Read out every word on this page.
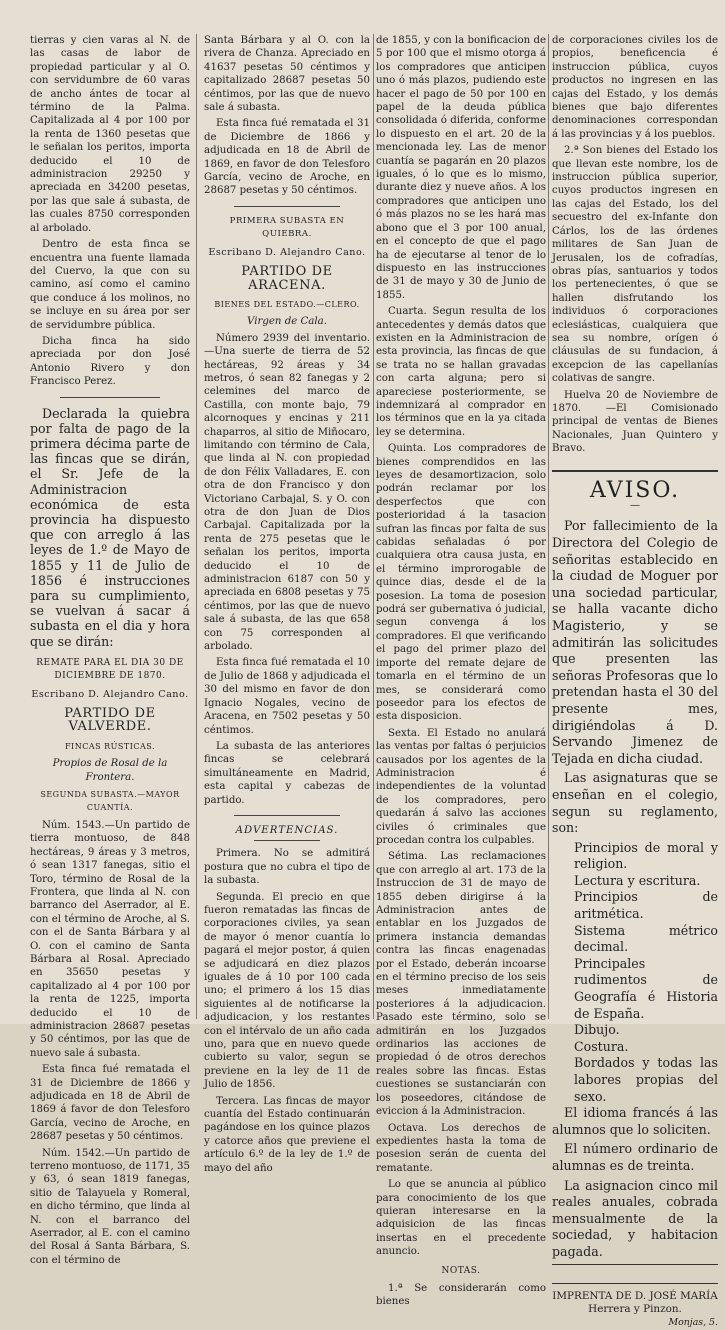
tierras y cien varas al N. de las casas de labor de propiedad particular y al O. con servidumbre de 60 varas de ancho ántes de tocar al término de la Palma. Capitalizada al 4 por 100 por la renta de 1360 pesetas que le señalan los peritos, importa deducido el 10 de administracion 29250 y apreciada en 34200 pesetas, por las que sale á subasta, de las cuales 8750 corresponden al arbolado.

Dentro de esta finca se encuentra una fuente llamada del Cuervo, la que con su camino, así como el camino que conduce á los molinos, no se incluye en su área por ser de servidumbre pública.

Dicha finca ha sido apreciada por don José Antonio Rivero y don Francisco Perez.

Declarada la quiebra por falta de pago de la primera décima parte de las fincas que se dirán, el Sr. Jefe de la Administracion económica de esta provincia ha dispuesto que con arreglo á las leyes de 1.º de Mayo de 1855 y 11 de Julio de 1856 é instrucciones para su cumplimiento, se vuelvan á sacar á subasta en el dia y hora que se dirán:

REMATE PARA EL DIA 30 DE DICIEMBRE DE 1870.

Escribano D. Alejandro Cano.

PARTIDO DE VALVERDE.

FINCAS RÚSTICAS.

Propios de Rosal de la Frontera.

SEGUNDA SUBASTA.—MAYOR CUANTÍA.

Núm. 1543.—Un partido de tierra montuoso, de 848 hectáreas, 9 áreas y 3 metros, ó sean 1317 fanegas, sitio el Toro, término de Rosal de la Frontera, que linda al N. con barranco del Aserrador, al E. con el término de Aroche, al S. con el de Santa Bárbara y al O. con el camino de Santa Bárbara al Rosal. Apreciado en 35650 pesetas y capitalizado al 4 por 100 por la renta de 1225, importa deducido el 10 de administracion 28687 pesetas y 50 céntimos, por las que de nuevo sale á subasta.

Esta finca fué rematada el 31 de Diciembre de 1866 y adjudicada en 18 de Abril de 1869 á favor de don Telesforo García, vecino de Aroche, en 28687 pesetas y 50 céntimos.

Núm. 1542.—Un partido de terreno montuoso, de 1171, 35 y 63, ó sean 1819 fanegas, sitio de Talayuela y Romeral, en dicho término, que linda al N. con el barranco del Aserrador, al E. con el camino del Rosal á Santa Bárbara, S. con el término de

Santa Bárbara y al O. con la rivera de Chanza. Apreciado en 41637 pesetas 50 céntimos y capitalizado 28687 pesetas 50 céntimos, por las que de nuevo sale á subasta.

Esta finca fué rematada el 31 de Diciembre de 1866 y adjudicada en 18 de Abril de 1869, en favor de don Telesforo García, vecino de Aroche, en 28687 pesetas y 50 céntimos.

PRIMERA SUBASTA EN QUIEBRA.

Escribano D. Alejandro Cano.

PARTIDO DE ARACENA.

BIENES DEL ESTADO.—CLERO.

Virgen de Cala.

Número 2939 del inventario. —Una suerte de tierra de 52 hectáreas, 92 áreas y 34 metros, ó sean 82 fanegas y 2 celemines del marco de Castilla, con monte bajo, 79 alcornoques y encinas y 211 chaparros, al sitio de Miñocaro, limitando con término de Cala, que linda al N. con propiedad de don Félix Valladares, E. con otra de don Francisco y don Victoriano Carbajal, S. y O. con otra de don Juan de Dios Carbajal. Capitalizada por la renta de 275 pesetas que le señalan los peritos, importa deducido el 10 de administracion 6187 con 50 y apreciada en 6808 pesetas y 75 céntimos, por las que de nuevo sale á subasta, de las que 658 con 75 corresponden al arbolado.

Esta finca fué rematada el 10 de Julio de 1868 y adjudicada el 30 del mismo en favor de don Ignacio Nogales, vecino de Aracena, en 7502 pesetas y 50 céntimos.

La subasta de las anteriores fincas se celebrará simultáneamente en Madrid, esta capital y cabezas de partido.

ADVERTENCIAS.

Primera. No se admitirá postura que no cubra el tipo de la subasta.

Segunda. El precio en que fueron rematadas las fincas de corporaciones civiles, ya sean de mayor ó menor cuantía lo pagará el mejor postor, á quien se adjudicará en diez plazos iguales de á 10 por 100 cada uno; el primero á los 15 dias siguientes al de notificarse la adjudicacion, y los restantes con el intérvalo de un año cada uno, para que en nuevo quede cubierto su valor, segun se previene en la ley de 11 de Julio de 1856.

Tercera. Las fincas de mayor cuantía del Estado continuarán pagándose en los quince plazos y catorce años que previene el artículo 6.º de la ley de 1.º de mayo del año

de 1855, y con la bonificacion de 5 por 100 que el mismo otorga á los compradores que anticipen uno ó más plazos, pudiendo este hacer el pago de 50 por 100 en papel de la deuda pública consolidada ó diferida, conforme lo dispuesto en el art. 20 de la mencionada ley. Las de menor cuantía se pagarán en 20 plazos iguales, ó lo que es lo mismo, durante diez y nueve años. A los compradores que anticipen uno ó más plazos no se les hará mas abono que el 3 por 100 anual, en el concepto de que el pago ha de ejecutarse al tenor de lo dispuesto en las instrucciones de 31 de mayo y 30 de Junio de 1855.

Cuarta. Segun resulta de los antecedentes y demás datos que existen en la Administracion de esta provincia, las fincas de que se trata no se hallan gravadas con carta alguna; pero si apareciese posteriormente, se indemnizará al comprador en los términos que en la ya citada ley se determina.

Quinta. Los compradores de bienes comprendidos en las leyes de desamortizacion, solo podrán reclamar por los desperfectos que con posterioridad á la tasacion sufran las fincas por falta de sus cabidas señaladas ó por cualquiera otra causa justa, en el término improrogable de quince dias, desde el de la posesion. La toma de posesion podrá ser gubernativa ó judicial, segun convenga á los compradores. El que verificando el pago del primer plazo del importe del remate dejare de tomarla en el término de un mes, se considerará como poseedor para los efectos de esta disposicion.

Sexta. El Estado no anulará las ventas por faltas ó perjuicios causados por los agentes de la Administracion é independientes de la voluntad de los compradores, pero quedarán á salvo las acciones civiles ó criminales que procedan contra los culpables.

Sétima. Las reclamaciones que con arreglo al art. 173 de la Instruccion de 31 de mayo de 1855 deben dirigirse á la Administracion antes de entablar en los Juzgados de primera instancia demandas contra las fincas enagenadas por el Estado, deberán incoarse en el término preciso de los seis meses inmediatamente posteriores á la adjudicacion. Pasado este término, solo se admitirán en los Juzgados ordinarios las acciones de propiedad ó de otros derechos reales sobre las fincas. Estas cuestiones se sustanciarán con los poseedores, citándose de eviccion á la Administracion.

Octava. Los derechos de expedientes hasta la toma de posesion serán de cuenta del rematante.

Lo que se anuncia al público para conocimiento de los que quieran interesarse en la adquisicion de las fincas insertas en el precedente anuncio.

NOTAS.

1.ª Se considerarán como bienes

de corporaciones civiles los de propios, beneficencia é instruccion pública, cuyos productos no ingresen en las cajas del Estado, y los demás bienes que bajo diferentes denominaciones correspondan á las provincias y á los pueblos.

2.ª Son bienes del Estado los que llevan este nombre, los de instruccion pública superior, cuyos productos ingresen en las cajas del Estado, los del secuestro del ex-Infante don Cárlos, los de las órdenes militares de San Juan de Jerusalen, los de cofradías, obras pías, santuarios y todos los pertenecientes, ó que se hallen disfrutando los individuos ó corporaciones eclesiásticas, cualquiera que sea su nombre, orígen ó cláusulas de su fundacion, á excepcion de las capellanías colativas de sangre.

Huelva 20 de Noviembre de 1870. —El Comisionado principal de ventas de Bienes Nacionales, Juan Quintero y Bravo.

AVISO.
—

Por fallecimiento de la Directora del Colegio de señoritas establecido en la ciudad de Moguer por una sociedad particular, se halla vacante dicho Magisterio, y se admitirán las solicitudes que presenten las señoras Profesoras que lo pretendan hasta el 30 del presente mes, dirigiéndolas á D. Servando Jimenez de Tejada en dicha ciudad.

Las asignaturas que se enseñan en el colegio, segun su reglamento, son:

Principios de moral y religion.

Lectura y escritura.

Principios de aritmética.

Sistema métrico decimal.

Principales rudimentos de Geografía é Historia de España.

Dibujo.

Costura.

Bordados y todas las labores propias del sexo.

El idioma francés á las alumnos que lo soliciten.

El número ordinario de alumnas es de treinta.

La asignacion cinco mil reales anuales, cobrada mensualmente de la sociedad, y habitacion pagada.

IMPRENTA DE D. JOSÉ MARÍA Herrera y Pinzon.
Monjas, 5.
